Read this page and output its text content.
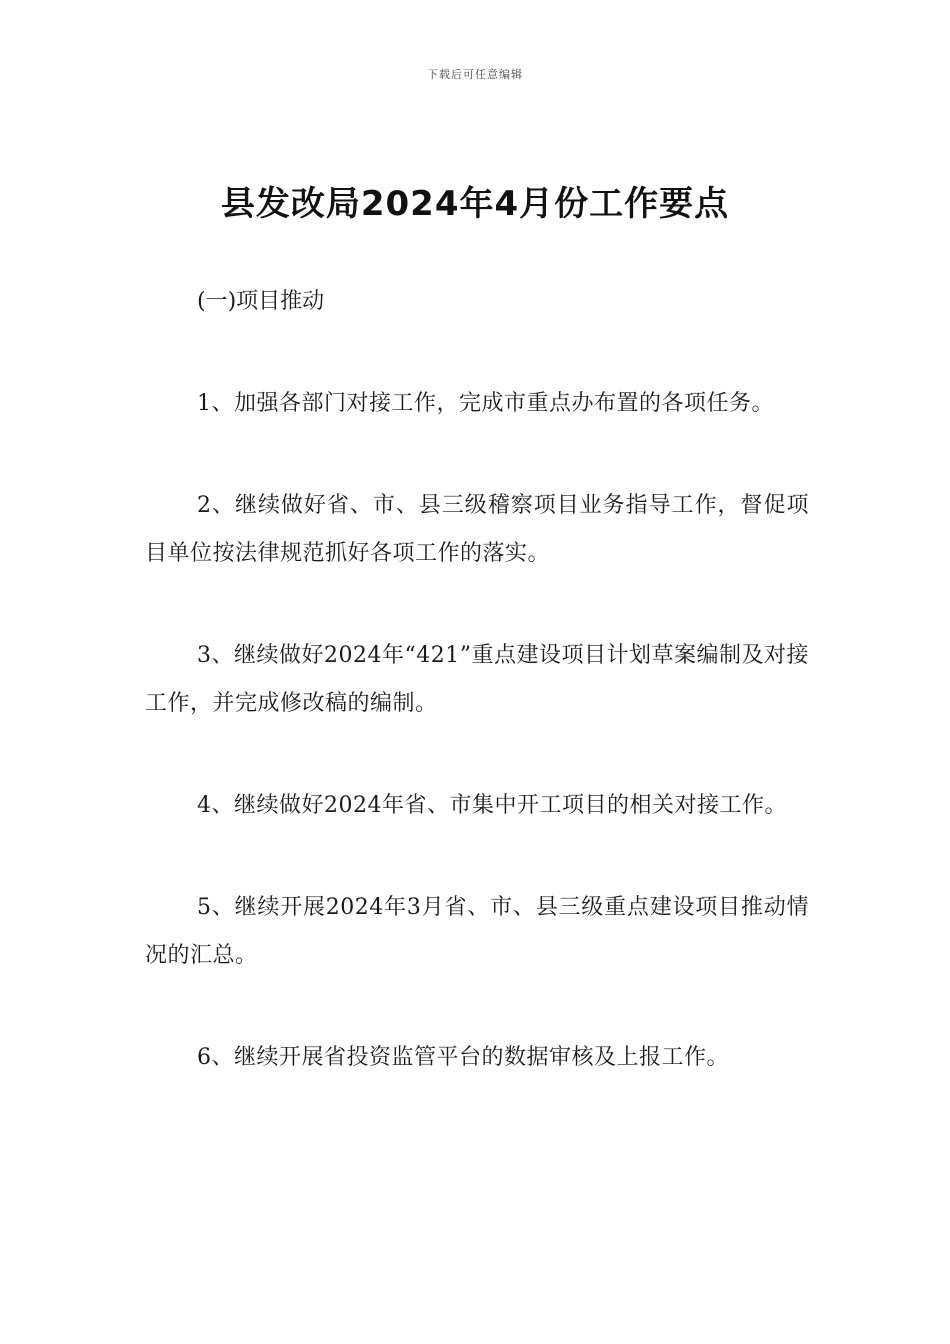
下载后可任意编辑
县发改局2024年4月份工作要点

(一)项目推动

1、加强各部门对接工作，完成市重点办布置的各项任务。

2、继续做好省、市、县三级稽察项目业务指导工作，督促项目单位按法律规范抓好各项工作的落实。

3、继续做好2024年“421”重点建设项目计划草案编制及对接工作，并完成修改稿的编制。

4、继续做好2024年省、市集中开工项目的相关对接工作。

5、继续开展2024年3月省、市、县三级重点建设项目推动情况的汇总。

6、继续开展省投资监管平台的数据审核及上报工作。
